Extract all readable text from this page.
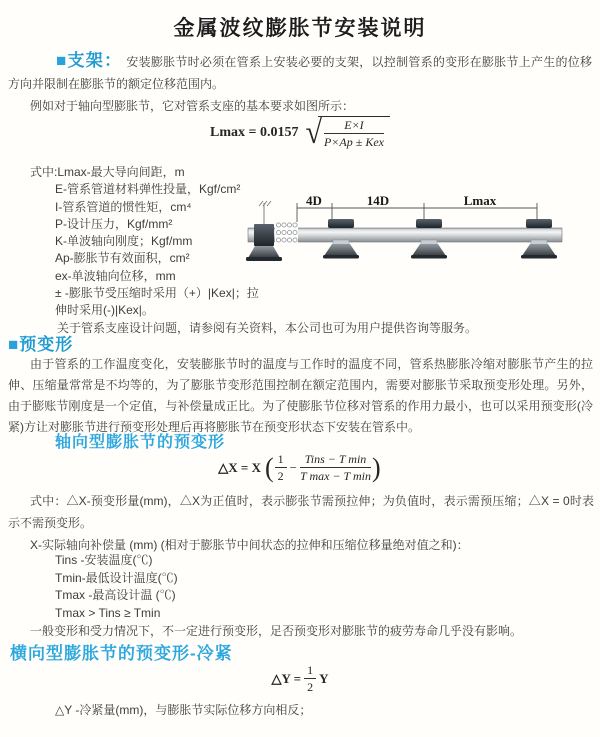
金属波纹膨胀节安装说明
■支架： 安装膨胀节时必须在管系上安装必要的支架，以控制管系的变形在膨胀节上产生的位移方向并限制在膨胀节的额定位移范围内。
例如对于轴向型膨胀节，它对管系支座的基本要求如图所示：
Lmax = 0.0157 √ $\frac{E\times I}{\text{P×Ap ± Kex}}$
式中:Lmax-最大导向间距，m
E-管系管道材料弹性投量，Kgf/cm²
I-管系管道的惯性矩，cm⁴
P-设计压力，Kgf/mm²
K-单波轴向刚度；Kgf/mm
Ap-膨胀节有效面积，cm²
ex-单波轴向位移，mm
± -膨胀节受压缩时采用（+）|Kex|；拉伸时采用(-)|Kex|。
关于管系支座设计问题，请参阅有关资料，本公司也可为用户提供咨询等服务。
4D	14D	Lmax
■预变形
由于管系的工作温度变化，安装膨胀节时的温度与工作时的温度不同，管系热膨胀冷缩对膨胀节产生的拉伸、压缩量常常是不均等的，为了膨胀节变形范围控制在额定范围内，需要对膨胀节采取预变形处理。另外，由于膨账节刚度是一个定值，与补偿量成正比。为了使膨胀节位移对管系的作用力最小，也可以采用预变形(冷紧)方让对膨胀节进行预变形处理后再将膨胀节在预变形状态下安装在管系中。
轴向型膨胀节的预变形
△X = X ( $\frac{1}{2} - \frac{\text{Tins − T min}}{\text{T max − T min}}$ )
式中：△X-预变形量(mm)，△X为正值时，表示膨张节需预拉伸；为负值时，表示需预压缩；△X = 0时表示不需预变形。
X-实际轴向补偿量 (mm) (相对于膨胀节中间状态的拉伸和压缩位移量绝对值之和)：
Tins -安装温度(℃)
Tmin-最低设计温度(℃)
Tmax -最高设计温 (℃)
Tmax > Tins ≥ Tmin
一般变形和受力情况下，不一定进行预变形，足否预变形对膨胀节的疲劳寿命几乎没有影响。
横向型膨胀节的预变形-冷紧
△Y = $\frac{1}{2}$ Y
△Y -冷紧量(mm)，与膨胀节实际位移方向相反；
